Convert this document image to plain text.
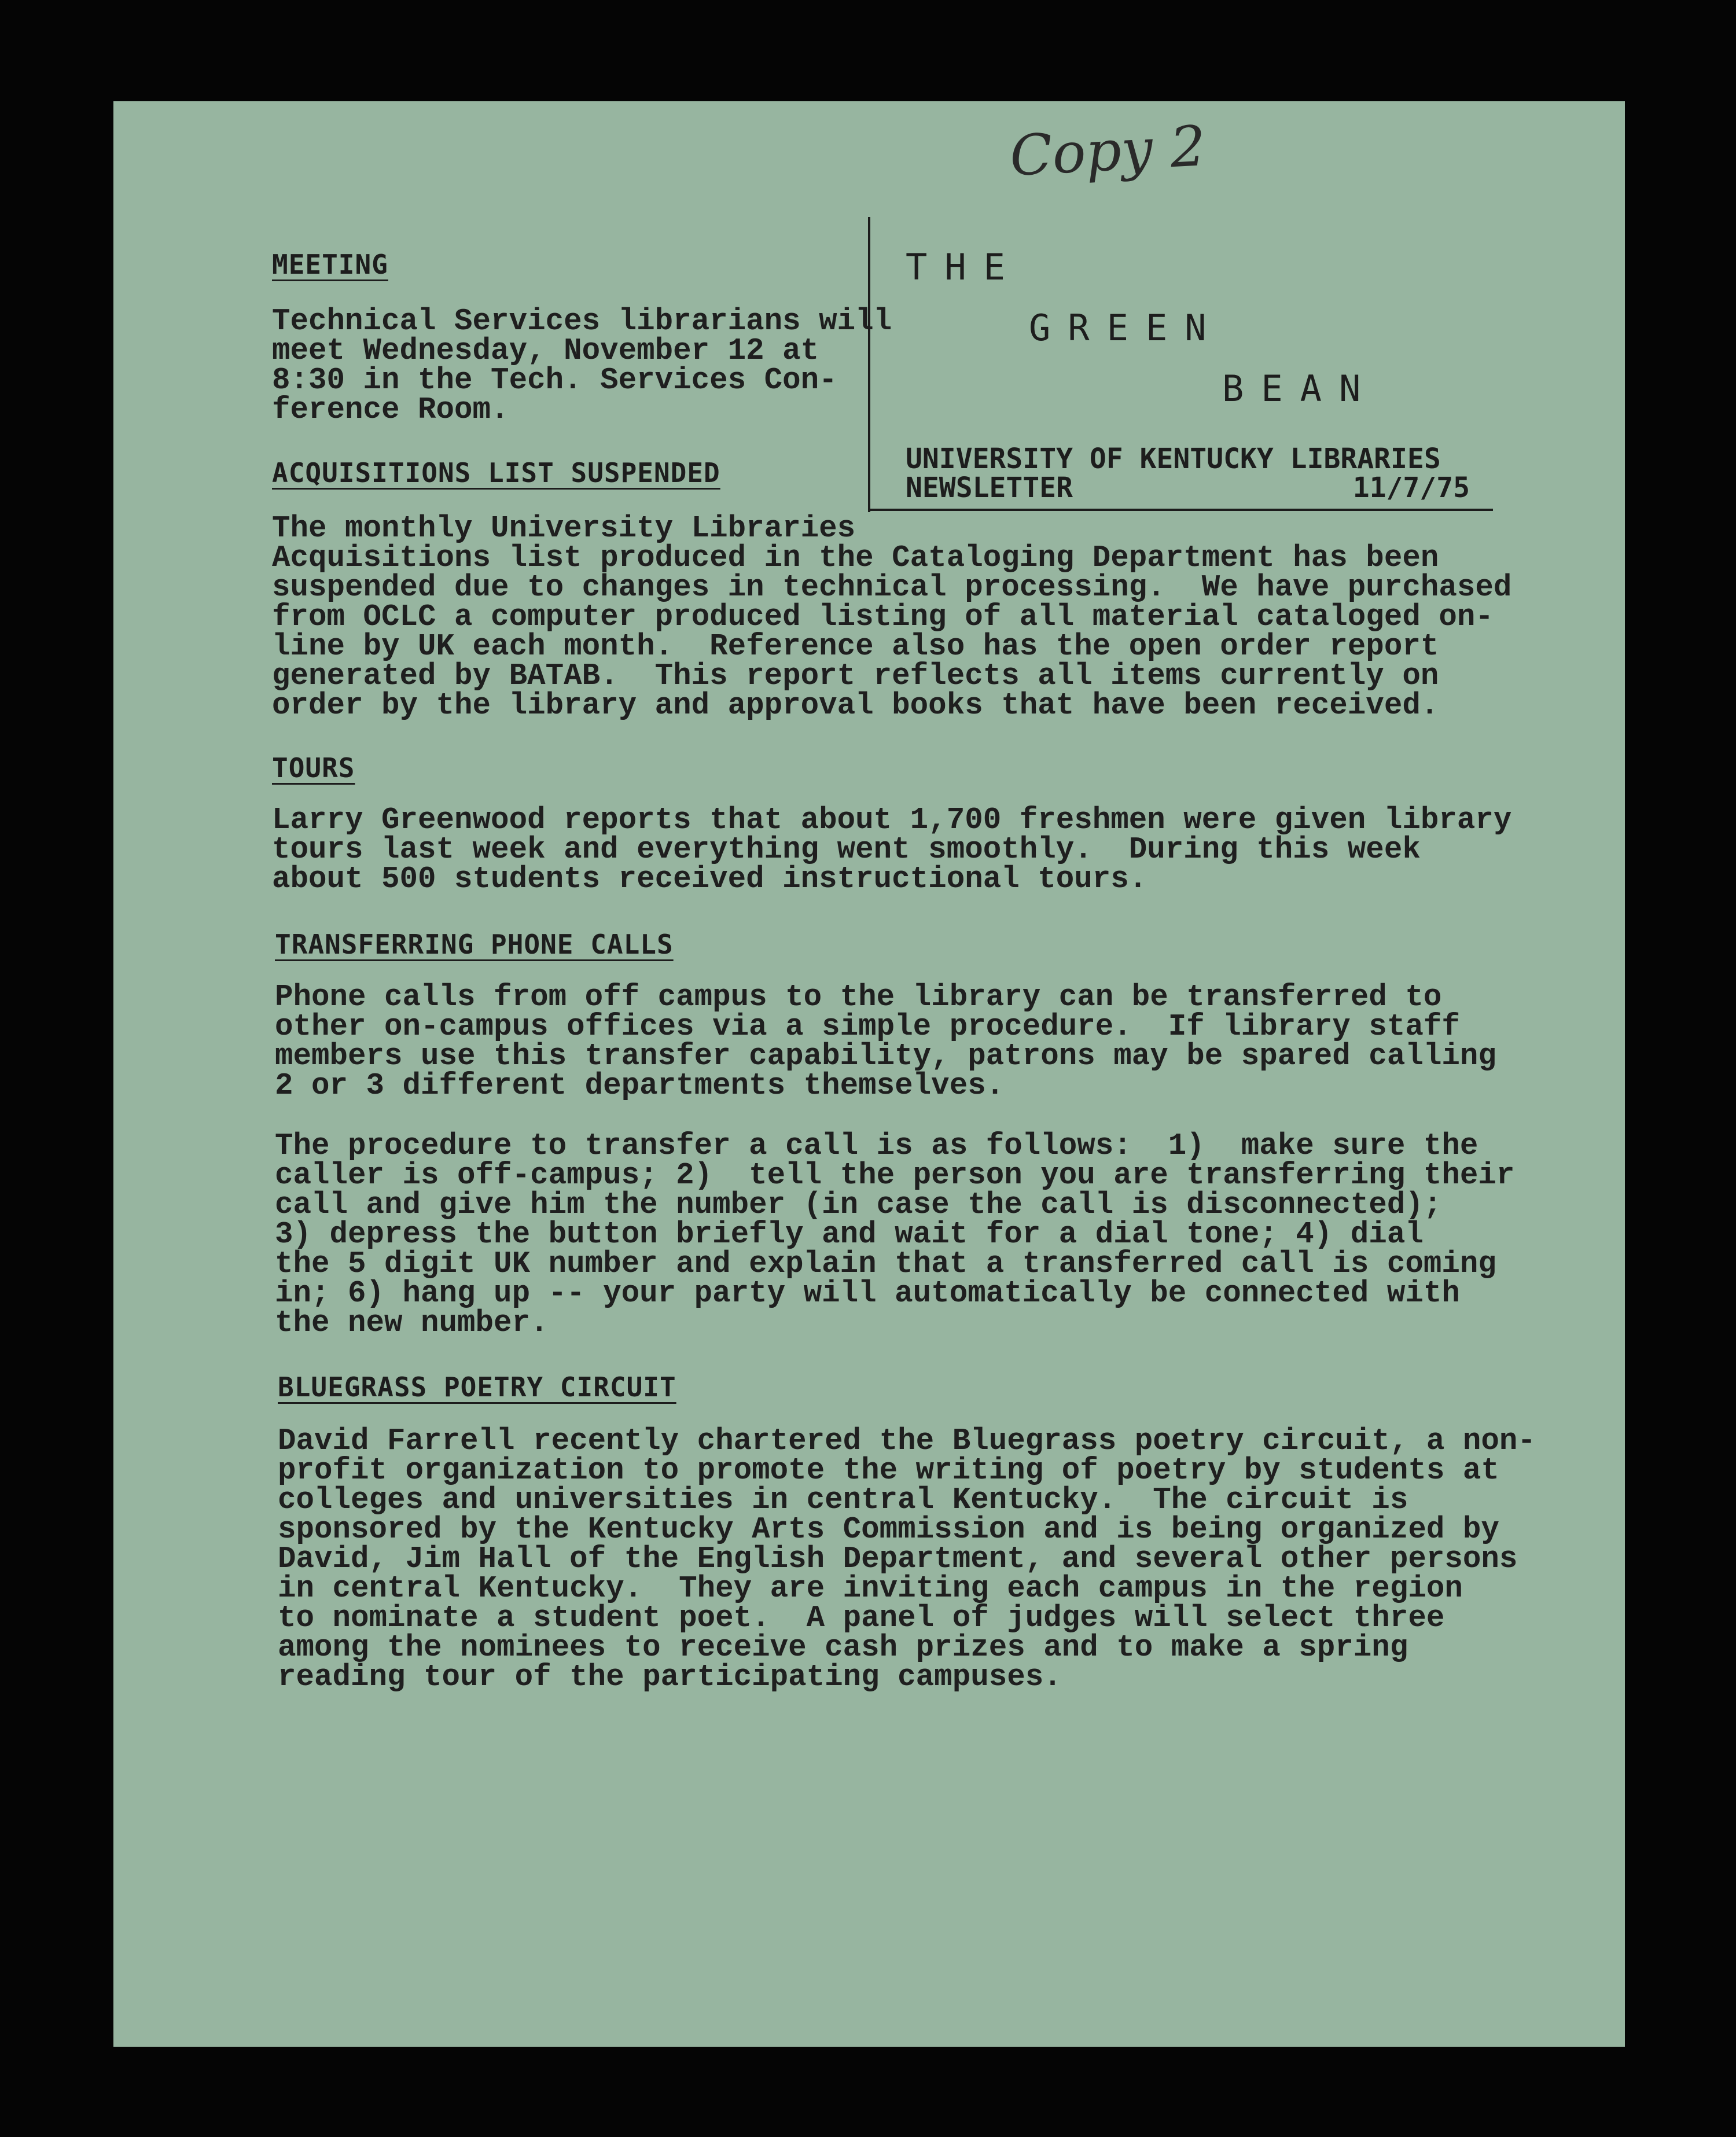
Copy 2

THE

GREEN

BEAN

UNIVERSITY OF KENTUCKY LIBRARIES
NEWSLETTER	11/7/75
MEETING
Technical Services librarians will
meet Wednesday, November 12 at
8:30 in the Tech. Services Con-
ference Room.
ACQUISITIONS LIST SUSPENDED
The monthly University Libraries
Acquisitions list produced in the Cataloging Department has been
suspended due to changes in technical processing.  We have purchased
from OCLC a computer produced listing of all material cataloged on-
line by UK each month.  Reference also has the open order report
generated by BATAB.  This report reflects all items currently on
order by the library and approval books that have been received.
TOURS
Larry Greenwood reports that about 1,700 freshmen were given library
tours last week and everything went smoothly.  During this week
about 500 students received instructional tours.
TRANSFERRING PHONE CALLS
Phone calls from off campus to the library can be transferred to
other on-campus offices via a simple procedure.  If library staff
members use this transfer capability, patrons may be spared calling
2 or 3 different departments themselves.
The procedure to transfer a call is as follows:  1)  make sure the
caller is off-campus; 2)  tell the person you are transferring their
call and give him the number (in case the call is disconnected);
3) depress the button briefly and wait for a dial tone; 4) dial
the 5 digit UK number and explain that a transferred call is coming
in; 6) hang up -- your party will automatically be connected with
the new number.
BLUEGRASS POETRY CIRCUIT
David Farrell recently chartered the Bluegrass poetry circuit, a non-
profit organization to promote the writing of poetry by students at
colleges and universities in central Kentucky.  The circuit is
sponsored by the Kentucky Arts Commission and is being organized by
David, Jim Hall of the English Department, and several other persons
in central Kentucky.  They are inviting each campus in the region
to nominate a student poet.  A panel of judges will select three
among the nominees to receive cash prizes and to make a spring
reading tour of the participating campuses.
